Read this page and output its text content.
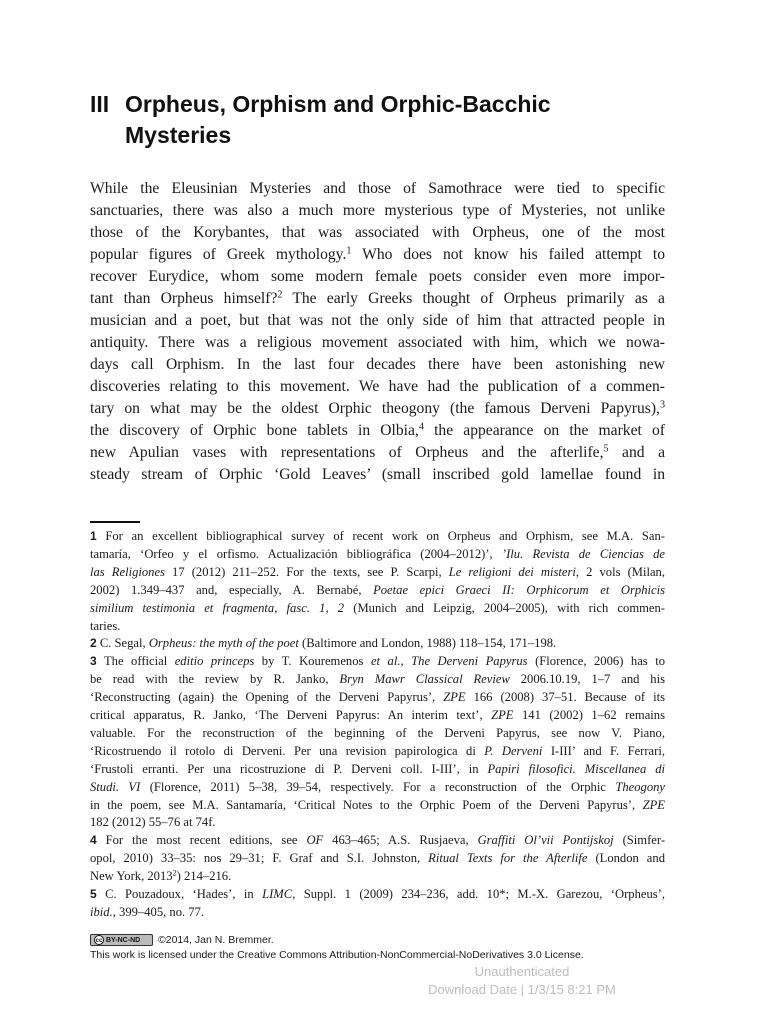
III Orpheus, Orphism and Orphic-Bacchic
Mysteries
While the Eleusinian Mysteries and those of Samothrace were tied to specific
sanctuaries, there was also a much more mysterious type of Mysteries, not unlike
those of the Korybantes, that was associated with Orpheus, one of the most
popular figures of Greek mythology.$^1$ Who does not know his failed attempt to
recover Eurydice, whom some modern female poets consider even more impor-
tant than Orpheus himself?$^2$ The early Greeks thought of Orpheus primarily as a
musician and a poet, but that was not the only side of him that attracted people in
antiquity. There was a religious movement associated with him, which we nowa-
days call Orphism. In the last four decades there have been astonishing new
discoveries relating to this movement. We have had the publication of a commen-
tary on what may be the oldest Orphic theogony (the famous Derveni Papyrus),$^3$
the discovery of Orphic bone tablets in Olbia,$^4$ the appearance on the market of
new Apulian vases with representations of Orpheus and the afterlife,$^5$ and a
steady stream of Orphic ‘Gold Leaves’ (small inscribed gold lamellae found in
1 For an excellent bibliographical survey of recent work on Orpheus and Orphism, see M.A. San-
tamaría, ‘Orfeo y el orfismo. Actualización bibliográfica (2004–2012)’, ’Ilu. Revista de Ciencias de
las Religiones 17 (2012) 211–252. For the texts, see P. Scarpi, Le religioni dei misteri, 2 vols (Milan,
2002) 1.349–437 and, especially, A. Bernabé, Poetae epici Graeci II: Orphicorum et Orphicis
similium testimonia et fragmenta, fasc. 1, 2 (Munich and Leipzig, 2004–2005), with rich commen-
taries.
2 C. Segal, Orpheus: the myth of the poet (Baltimore and London, 1988) 118–154, 171–198.
3 The official editio princeps by T. Kouremenos et al., The Derveni Papyrus (Florence, 2006) has to
be read with the review by R. Janko, Bryn Mawr Classical Review 2006.10.19, 1–7 and his
‘Reconstructing (again) the Opening of the Derveni Papyrus’, ZPE 166 (2008) 37–51. Because of its
critical apparatus, R. Janko, ‘The Derveni Papyrus: An interim text’, ZPE 141 (2002) 1–62 remains
valuable. For the reconstruction of the beginning of the Derveni Papyrus, see now V. Piano,
‘Ricostruendo il rotolo di Derveni. Per una revision papirologica di P. Derveni I-III’ and F. Ferrari,
‘Frustoli erranti. Per una ricostruzione di P. Derveni coll. I-III’, in Papiri filosofici. Miscellanea di
Studi. VI (Florence, 2011) 5–38, 39–54, respectively. For a reconstruction of the Orphic Theogony
in the poem, see M.A. Santamaría, ‘Critical Notes to the Orphic Poem of the Derveni Papyrus’, ZPE
182 (2012) 55–76 at 74f.
4 For the most recent editions, see OF 463–465; A.S. Rusjaeva, Graffiti Ol’vii Pontijskoj (Simfer-
opol, 2010) 33–35: nos 29–31; F. Graf and S.I. Johnston, Ritual Texts for the Afterlife (London and
New York, 2013$^2$) 214–216.
5 C. Pouzadoux, ‘Hades’, in LIMC, Suppl. 1 (2009) 234–236, add. 10*; M.-X. Garezou, ‘Orpheus’,
ibid., 399–405, no. 77.
cc BY-NC-ND	©2014, Jan N. Bremmer.
This work is licensed under the Creative Commons Attribution-NonCommercial-NoDerivatives 3.0 License.
Unauthenticated
Download Date | 1/3/15 8:21 PM
